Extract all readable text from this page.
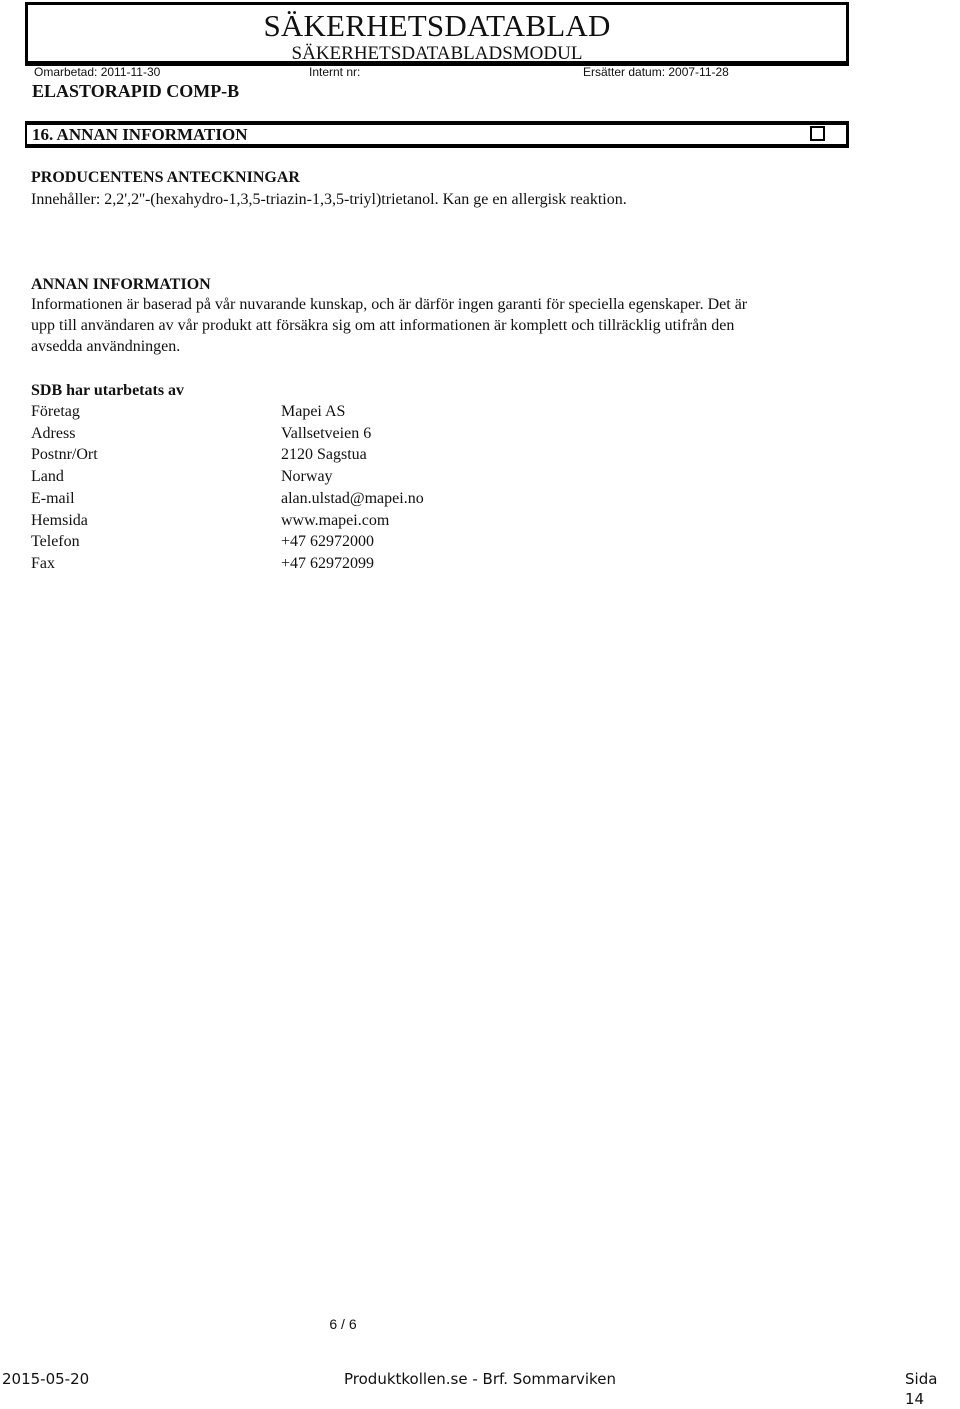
SÄKERHETSDATABLAD
SÄKERHETSDATABLADSMODUL
Omarbetad: 2011-11-30	Internt nr:	Ersätter datum: 2007-11-28
ELASTORAPID COMP-B
16. ANNAN INFORMATION
PRODUCENTENS ANTECKNINGAR
Innehåller: 2,2',2''-(hexahydro-1,3,5-triazin-1,3,5-triyl)trietanol. Kan ge en allergisk reaktion.
ANNAN INFORMATION
Informationen är baserad på vår nuvarande kunskap, och är därför ingen garanti för speciella egenskaper. Det är
upp till användaren av vår produkt att försäkra sig om att informationen är komplett och tillräcklig utifrån den
avsedda användningen.
SDB har utarbetats av
Företag	Mapei AS
Adress	Vallsetveien 6
Postnr/Ort	2120 Sagstua
Land	Norway
E-mail	alan.ulstad@mapei.no
Hemsida	www.mapei.com
Telefon	+47 62972000
Fax	+47 62972099
6 / 6
2015-05-20	Produktkollen.se - Brf. Sommarviken	Sida 14
